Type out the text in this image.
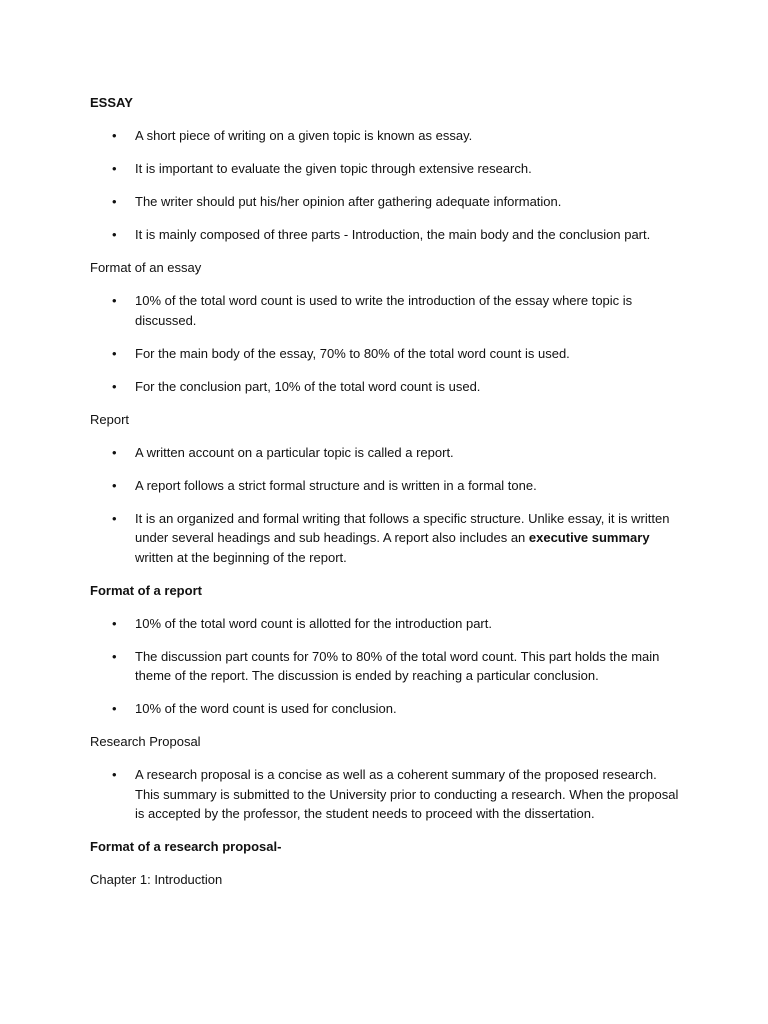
ESSAY
• A short piece of writing on a given topic is known as essay.
• It is important to evaluate the given topic through extensive research.
• The writer should put his/her opinion after gathering adequate information.
• It is mainly composed of three parts - Introduction, the main body and the conclusion part.
Format of an essay
• 10% of the total word count is used to write the introduction of the essay where topic is discussed.
• For the main body of the essay, 70% to 80% of the total word count is used.
• For the conclusion part, 10% of the total word count is used.
Report
• A written account on a particular topic is called a report.
• A report follows a strict formal structure and is written in a formal tone.
• It is an organized and formal writing that follows a specific structure. Unlike essay, it is written under several headings and sub headings. A report also includes an executive summary written at the beginning of the report.
Format of a report
• 10% of the total word count is allotted for the introduction part.
• The discussion part counts for 70% to 80% of the total word count. This part holds the main theme of the report. The discussion is ended by reaching a particular conclusion.
• 10% of the word count is used for conclusion.
Research Proposal
• A research proposal is a concise as well as a coherent summary of the proposed research. This summary is submitted to the University prior to conducting a research. When the proposal is accepted by the professor, the student needs to proceed with the dissertation.
Format of a research proposal-
Chapter 1: Introduction
